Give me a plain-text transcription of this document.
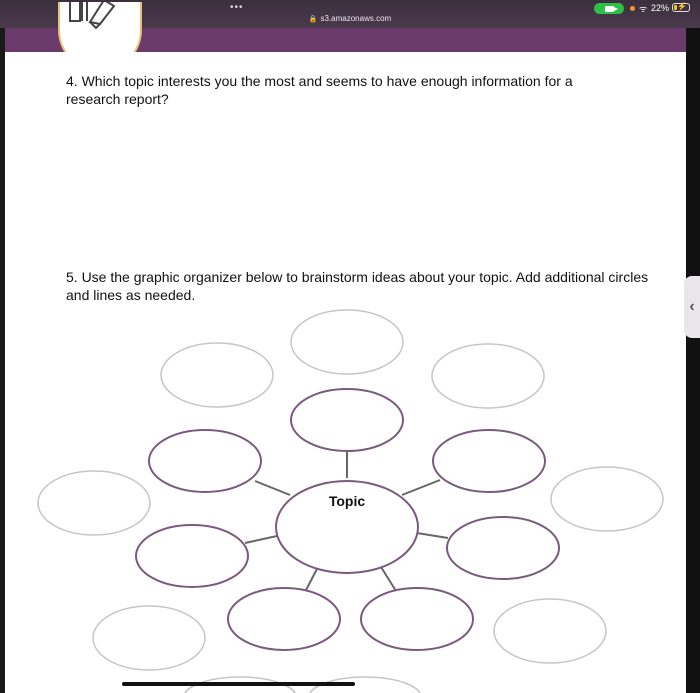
•••
🔒 s3.amazonaws.com
ᯤ 22% ⚡
4. Which topic interests you the most and seems to have enough information for a research report?
5. Use the graphic organizer below to brainstorm ideas about your topic. Add additional circles and lines as needed.
Topic
‹
